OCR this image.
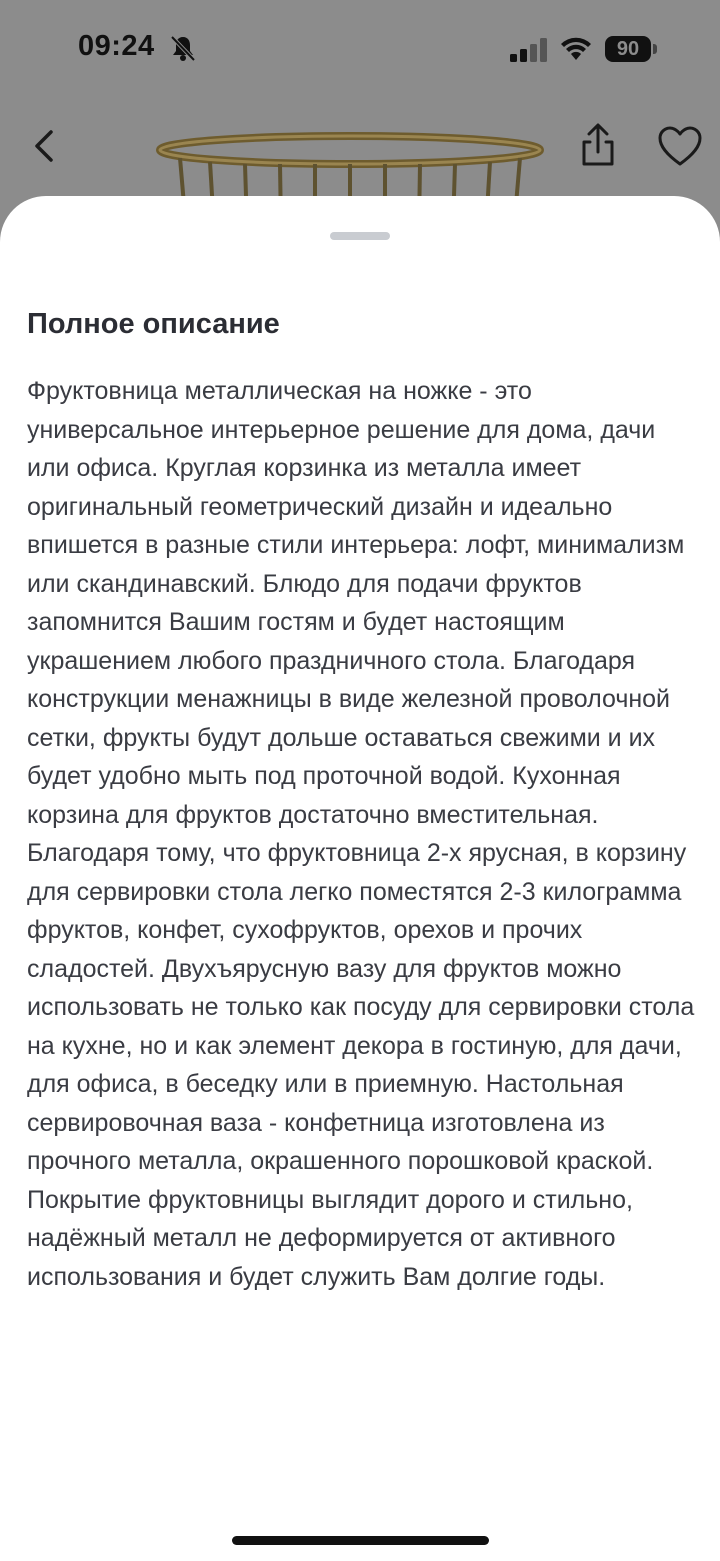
09:24	90
Полное описание

Фруктовница металлическая на ножке - это универсальное интерьерное решение для дома, дачи или офиса. Круглая корзинка из металла имеет оригинальный геометрический дизайн и идеально впишется в разные стили интерьера: лофт, минимализм или скандинавский. Блюдо для подачи фруктов запомнится Вашим гостям и будет настоящим украшением любого праздничного стола. Благодаря конструкции менажницы в виде железной проволочной сетки, фрукты будут дольше оставаться свежими и их будет удобно мыть под проточной водой. Кухонная корзина для фруктов достаточно вместительная. Благодаря тому, что фруктовница 2-х ярусная, в корзину для сервировки стола легко поместятся 2-3 килограмма фруктов, конфет, сухофруктов, орехов и прочих сладостей. Двухъярусную вазу для фруктов можно использовать не только как посуду для сервировки стола на кухне, но и как элемент декора в гостиную, для дачи, для офиса, в беседку или в приемную. Настольная сервировочная ваза - конфетница изготовлена из прочного металла, окрашенного порошковой краской. Покрытие фруктовницы выглядит дорого и стильно, надёжный металл не деформируется от активного использования и будет служить Вам долгие годы.
